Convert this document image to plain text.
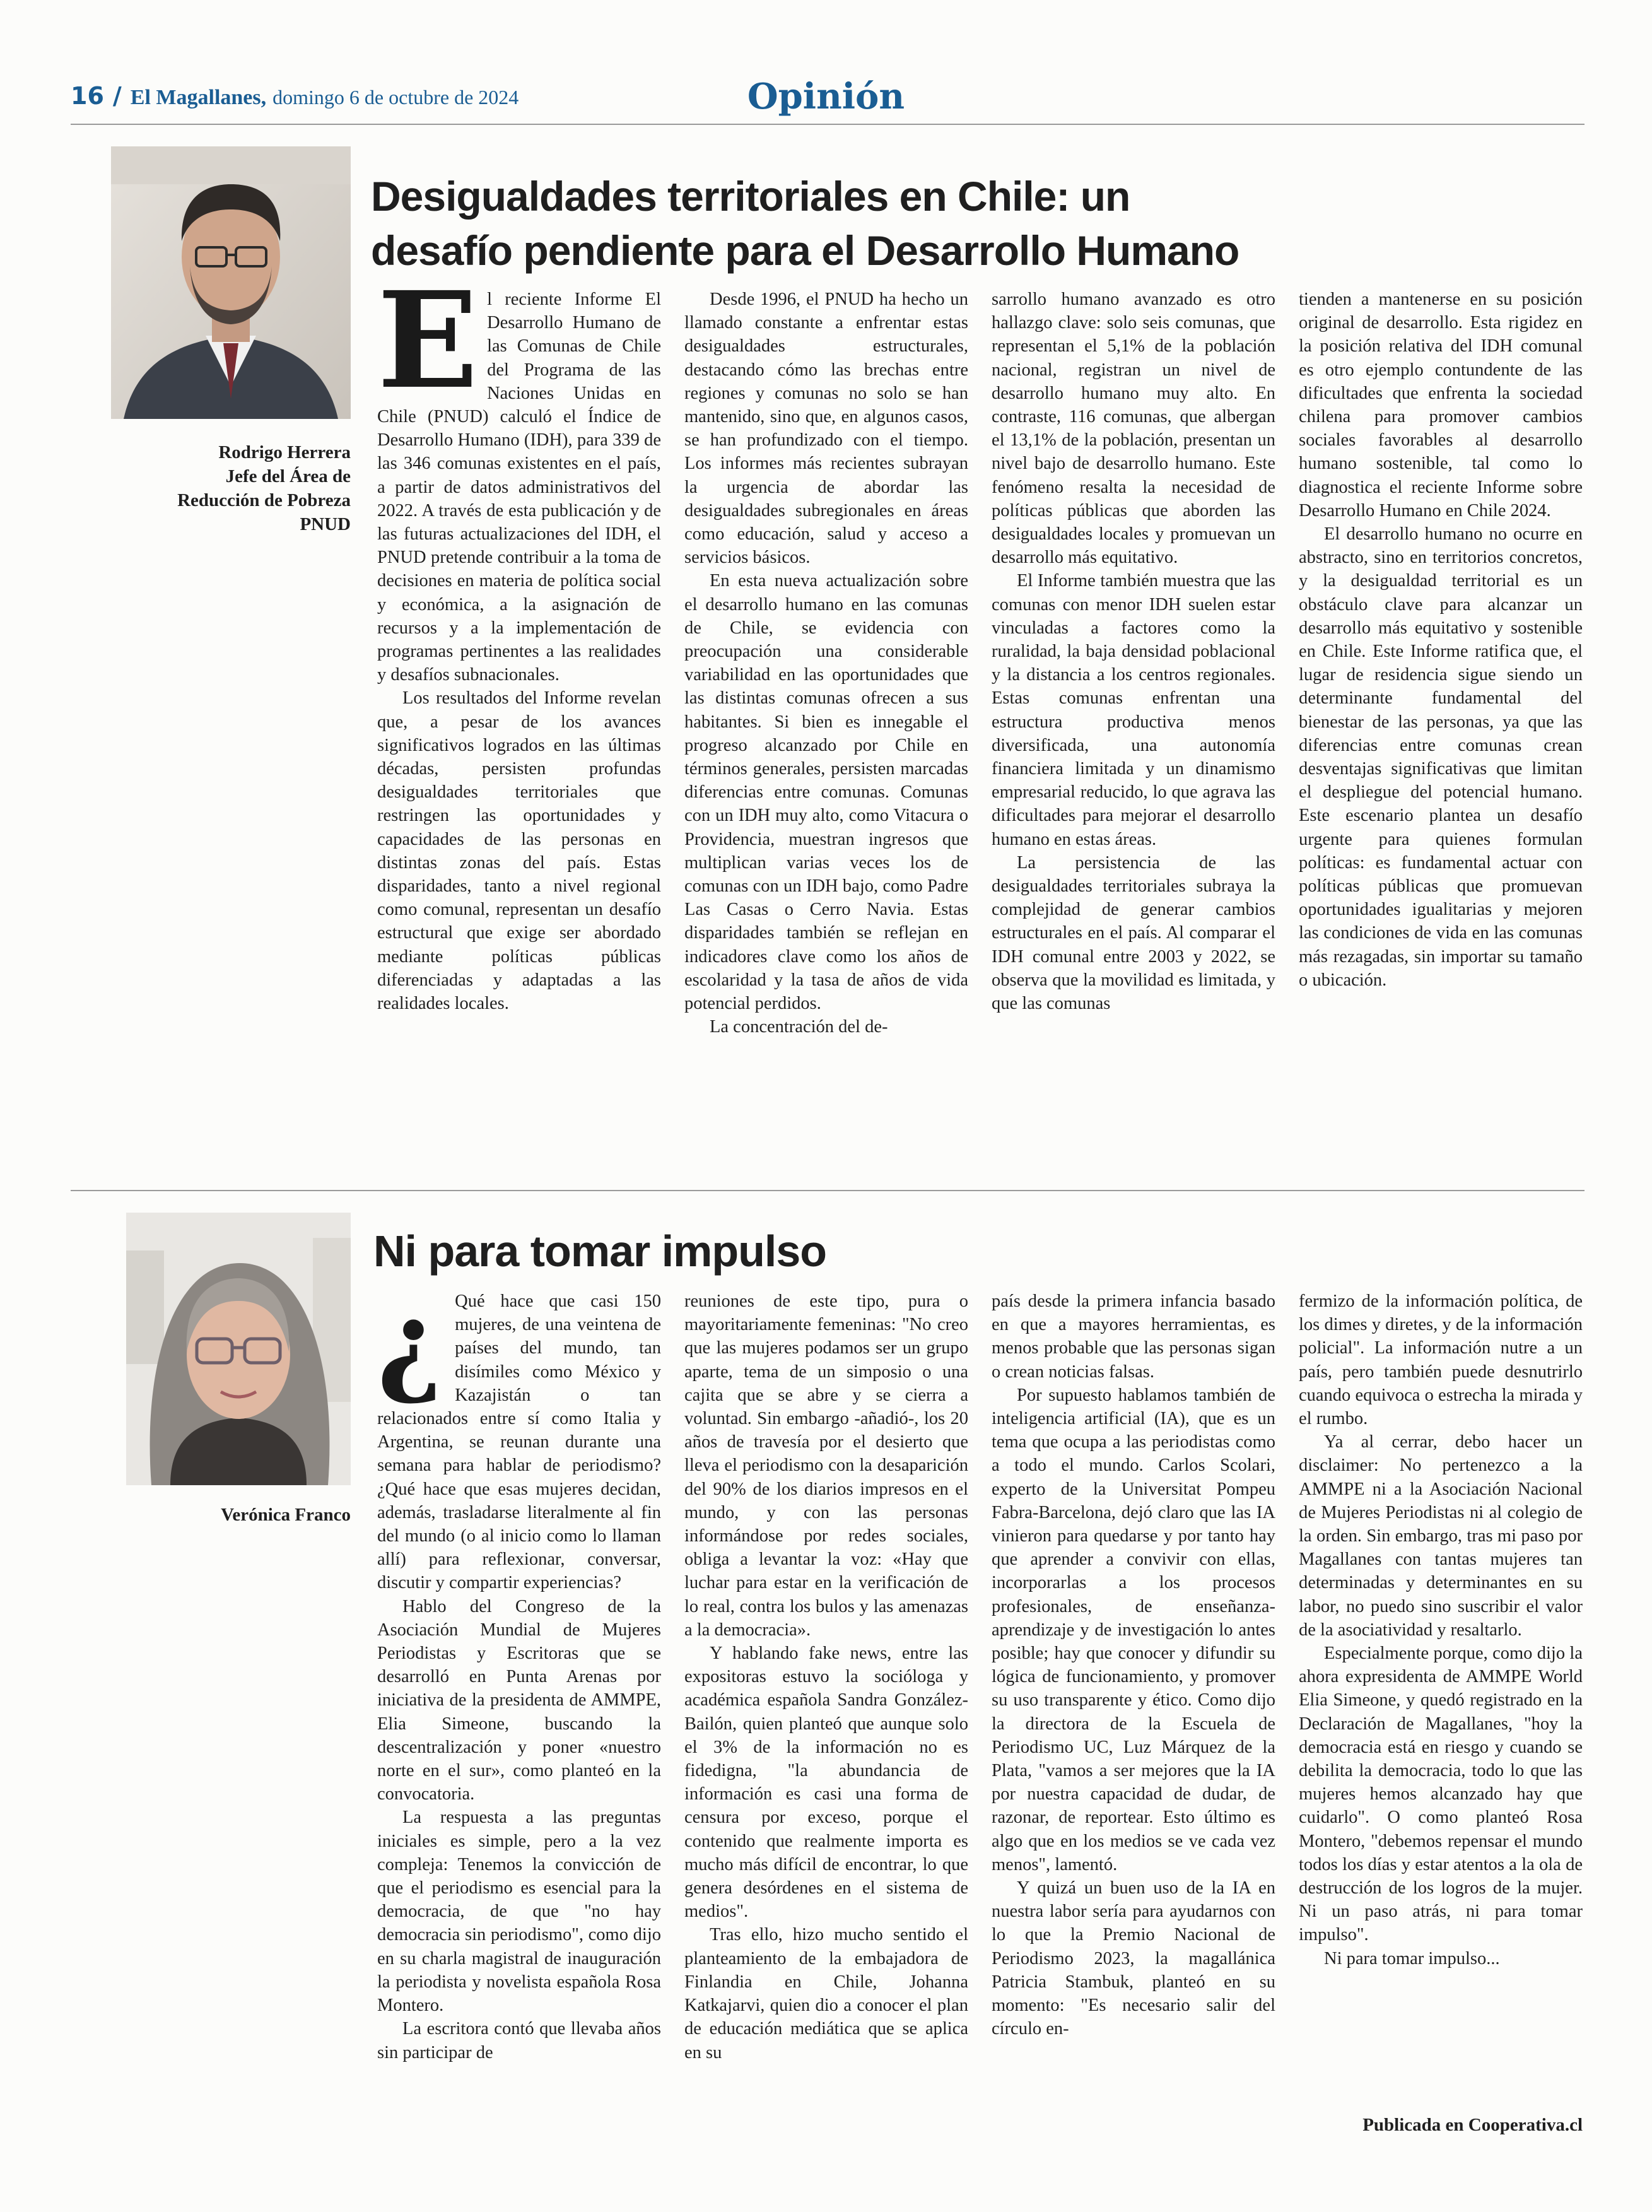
16 / El Magallanes, domingo 6 de octubre de 2024	Opinión
Rodrigo Herrera
Jefe del Área de
Reducción de Pobreza
PNUD
Desigualdades territoriales en Chile: un
desafío pendiente para el Desarrollo Humano
E l reciente Informe El Desarrollo Humano de las Comunas de Chile del Programa de las Naciones Unidas en Chile (PNUD) calculó el Índice de Desarrollo Humano (IDH), para 339 de las 346 comunas existentes en el país, a partir de datos administrativos del 2022. A través de esta publicación y de las futuras actualizaciones del IDH, el PNUD pretende contribuir a la toma de decisiones en materia de política social y económica, a la asignación de recursos y a la implementación de programas pertinentes a las realidades y desafíos subnacionales.

Los resultados del Informe revelan que, a pesar de los avances significativos logrados en las últimas décadas, persisten profundas desigualdades territoriales que restringen las oportunidades y capacidades de las personas en distintas zonas del país. Estas disparidades, tanto a nivel regional como comunal, representan un desafío estructural que exige ser abordado mediante políticas públicas diferenciadas y adaptadas a las realidades locales.

Desde 1996, el PNUD ha hecho un llamado constante a enfrentar estas desigualdades estructurales, destacando cómo las brechas entre regiones y comunas no solo se han mantenido, sino que, en algunos casos, se han profundizado con el tiempo. Los informes más recientes subrayan la urgencia de abordar las desigualdades subregionales en áreas como educación, salud y acceso a servicios básicos.

En esta nueva actualización sobre el desarrollo humano en las comunas de Chile, se evidencia con preocupación una considerable variabilidad en las oportunidades que las distintas comunas ofrecen a sus habitantes. Si bien es innegable el progreso alcanzado por Chile en términos generales, persisten marcadas diferencias entre comunas. Comunas con un IDH muy alto, como Vitacura o Providencia, muestran ingresos que multiplican varias veces los de comunas con un IDH bajo, como Padre Las Casas o Cerro Navia. Estas disparidades también se reflejan en indicadores clave como los años de escolaridad y la tasa de años de vida potencial perdidos.

La concentración del de-

sarrollo humano avanzado es otro hallazgo clave: solo seis comunas, que representan el 5,1% de la población nacional, registran un nivel de desarrollo humano muy alto. En contraste, 116 comunas, que albergan el 13,1% de la población, presentan un nivel bajo de desarrollo humano. Este fenómeno resalta la necesidad de políticas públicas que aborden las desigualdades locales y promuevan un desarrollo más equitativo.

El Informe también muestra que las comunas con menor IDH suelen estar vinculadas a factores como la ruralidad, la baja densidad poblacional y la distancia a los centros regionales. Estas comunas enfrentan una estructura productiva menos diversificada, una autonomía financiera limitada y un dinamismo empresarial reducido, lo que agrava las dificultades para mejorar el desarrollo humano en estas áreas.

La persistencia de las desigualdades territoriales subraya la complejidad de generar cambios estructurales en el país. Al comparar el IDH comunal entre 2003 y 2022, se observa que la movilidad es limitada, y que las comunas

tienden a mantenerse en su posición original de desarrollo. Esta rigidez en la posición relativa del IDH comunal es otro ejemplo contundente de las dificultades que enfrenta la sociedad chilena para promover cambios sociales favorables al desarrollo humano sostenible, tal como lo diagnostica el reciente Informe sobre Desarrollo Humano en Chile 2024.

El desarrollo humano no ocurre en abstracto, sino en territorios concretos, y la desigualdad territorial es un obstáculo clave para alcanzar un desarrollo más equitativo y sostenible en Chile. Este Informe ratifica que, el lugar de residencia sigue siendo un determinante fundamental del bienestar de las personas, ya que las diferencias entre comunas crean desventajas significativas que limitan el despliegue del potencial humano. Este escenario plantea un desafío urgente para quienes formulan políticas: es fundamental actuar con políticas públicas que promuevan oportunidades igualitarias y mejoren las condiciones de vida en las comunas más rezagadas, sin importar su tamaño o ubicación.

Verónica Franco
Ni para tomar impulso
¿ Qué hace que casi 150 mujeres, de una veintena de países del mundo, tan disímiles como México y Kazajistán o tan relacionados entre sí como Italia y Argentina, se reunan durante una semana para hablar de periodismo? ¿Qué hace que esas mujeres decidan, además, trasladarse literalmente al fin del mundo (o al inicio como lo llaman allí) para reflexionar, conversar, discutir y compartir experiencias?

Hablo del Congreso de la Asociación Mundial de Mujeres Periodistas y Escritoras que se desarrolló en Punta Arenas por iniciativa de la presidenta de AMMPE, Elia Simeone, buscando la descentralización y poner «nuestro norte en el sur», como planteó en la convocatoria.

La respuesta a las preguntas iniciales es simple, pero a la vez compleja: Tenemos la convicción de que el periodismo es esencial para la democracia, de que "no hay democracia sin periodismo", como dijo en su charla magistral de inauguración la periodista y novelista española Rosa Montero.

La escritora contó que llevaba años sin participar de

reuniones de este tipo, pura o mayoritariamente femeninas: "No creo que las mujeres podamos ser un grupo aparte, tema de un simposio o una cajita que se abre y se cierra a voluntad. Sin embargo -añadió-, los 20 años de travesía por el desierto que lleva el periodismo con la desaparición del 90% de los diarios impresos en el mundo, y con las personas informándose por redes sociales, obliga a levantar la voz: «Hay que luchar para estar en la verificación de lo real, contra los bulos y las amenazas a la democracia».

Y hablando fake news, entre las expositoras estuvo la socióloga y académica española Sandra González-Bailón, quien planteó que aunque solo el 3% de la información no es fidedigna, "la abundancia de información es casi una forma de censura por exceso, porque el contenido que realmente importa es mucho más difícil de encontrar, lo que genera desórdenes en el sistema de medios".

Tras ello, hizo mucho sentido el planteamiento de la embajadora de Finlandia en Chile, Johanna Katkajarvi, quien dio a conocer el plan de educación mediática que se aplica en su

país desde la primera infancia basado en que a mayores herramientas, es menos probable que las personas sigan o crean noticias falsas.

Por supuesto hablamos también de inteligencia artificial (IA), que es un tema que ocupa a las periodistas como a todo el mundo. Carlos Scolari, experto de la Universitat Pompeu Fabra-Barcelona, dejó claro que las IA vinieron para quedarse y por tanto hay que aprender a convivir con ellas, incorporarlas a los procesos profesionales, de enseñanza-aprendizaje y de investigación lo antes posible; hay que conocer y difundir su lógica de funcionamiento, y promover su uso transparente y ético. Como dijo la directora de la Escuela de Periodismo UC, Luz Márquez de la Plata, "vamos a ser mejores que la IA por nuestra capacidad de dudar, de razonar, de reportear. Esto último es algo que en los medios se ve cada vez menos", lamentó.

Y quizá un buen uso de la IA en nuestra labor sería para ayudarnos con lo que la Premio Nacional de Periodismo 2023, la magallánica Patricia Stambuk, planteó en su momento: "Es necesario salir del círculo en-

fermizo de la información política, de los dimes y diretes, y de la información policial". La información nutre a un país, pero también puede desnutrirlo cuando equivoca o estrecha la mirada y el rumbo.

Ya al cerrar, debo hacer un disclaimer: No pertenezco a la AMMPE ni a la Asociación Nacional de Mujeres Periodistas ni al colegio de la orden. Sin embargo, tras mi paso por Magallanes con tantas mujeres tan determinadas y determinantes en su labor, no puedo sino suscribir el valor de la asociatividad y resaltarlo.

Especialmente porque, como dijo la ahora expresidenta de AMMPE World Elia Simeone, y quedó registrado en la Declaración de Magallanes, "hoy la democracia está en riesgo y cuando se debilita la democracia, todo lo que las mujeres hemos alcanzado hay que cuidarlo". O como planteó Rosa Montero, "debemos repensar el mundo todos los días y estar atentos a la ola de destrucción de los logros de la mujer. Ni un paso atrás, ni para tomar impulso".

Ni para tomar impulso...

Publicada en Cooperativa.cl
